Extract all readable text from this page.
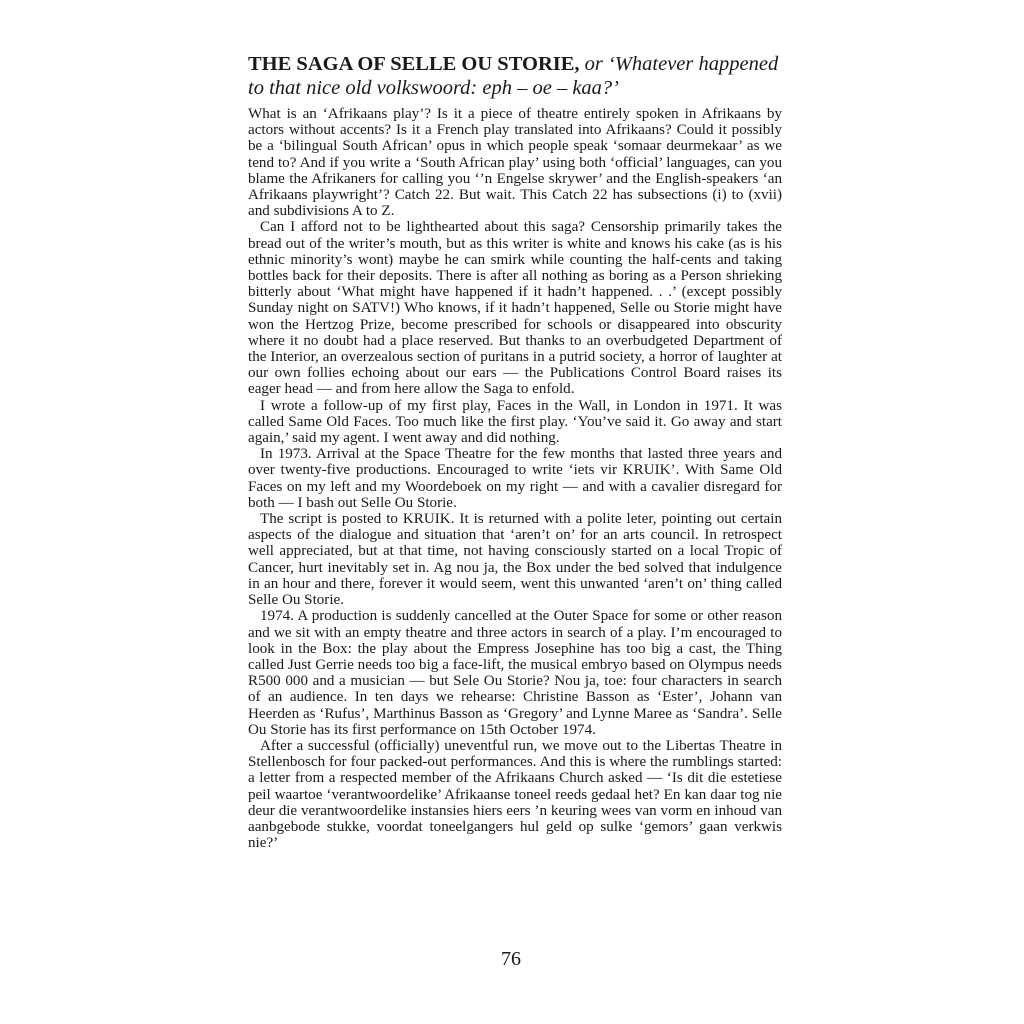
THE SAGA OF SELLE OU STORIE, or ‘Whatever happened to that nice old volkswoord: eph – oe – kaa?’

What is an ‘Afrikaans play’? Is it a piece of theatre entirely spoken in Afrikaans by actors without accents? Is it a French play translated into Afrikaans? Could it possibly be a ‘bilingual South African’ opus in which people speak ‘somaar deurmekaar’ as we tend to? And if you write a ‘South African play’ using both ‘official’ languages, can you blame the Afrikaners for calling you ‘’n Engelse skrywer’ and the English-speakers ‘an Afrikaans playwright’? Catch 22. But wait. This Catch 22 has subsections (i) to (xvii) and subdivisions A to Z.

Can I afford not to be lighthearted about this saga? Censorship primarily takes the bread out of the writer’s mouth, but as this writer is white and knows his cake (as is his ethnic minority’s wont) maybe he can smirk while counting the half-cents and taking bottles back for their deposits. There is after all nothing as boring as a Person shrieking bitterly about ‘What might have happened if it hadn’t happened. . .’ (except possibly Sunday night on SATV!) Who knows, if it hadn’t happened, Selle ou Storie might have won the Hertzog Prize, become prescribed for schools or disappeared into obscurity where it no doubt had a place reserved. But thanks to an overbudgeted Department of the Interior, an overzealous section of puritans in a putrid society, a horror of laughter at our own follies echoing about our ears — the Publications Control Board raises its eager head — and from here allow the Saga to enfold.

I wrote a follow-up of my first play, Faces in the Wall, in London in 1971. It was called Same Old Faces. Too much like the first play. ‘You’ve said it. Go away and start again,’ said my agent. I went away and did nothing.

In 1973. Arrival at the Space Theatre for the few months that lasted three years and over twenty-five productions. Encouraged to write ‘iets vir KRUIK’. With Same Old Faces on my left and my Woordeboek on my right — and with a cavalier disregard for both — I bash out Selle Ou Storie.

The script is posted to KRUIK. It is returned with a polite leter, pointing out certain aspects of the dialogue and situation that ‘aren’t on’ for an arts council. In retrospect well appreciated, but at that time, not having consciously started on a local Tropic of Cancer, hurt inevitably set in. Ag nou ja, the Box under the bed solved that indulgence in an hour and there, forever it would seem, went this unwanted ‘aren’t on’ thing called Selle Ou Storie.

1974. A production is suddenly cancelled at the Outer Space for some or other reason and we sit with an empty theatre and three actors in search of a play. I’m encouraged to look in the Box: the play about the Empress Josephine has too big a cast, the Thing called Just Gerrie needs too big a face-lift, the musical embryo based on Olympus needs R500 000 and a musician — but Sele Ou Storie? Nou ja, toe: four characters in search of an audience. In ten days we rehearse: Christine Basson as ‘Ester’, Johann van Heerden as ‘Rufus’, Marthinus Basson as ‘Gregory’ and Lynne Maree as ‘Sandra’. Selle Ou Storie has its first performance on 15th October 1974.

After a successful (officially) uneventful run, we move out to the Libertas Theatre in Stellenbosch for four packed-out performances. And this is where the rumblings started: a letter from a respected member of the Afrikaans Church asked — ‘Is dit die estetiese peil waartoe ‘verantwoordelike’ Afrikaanse toneel reeds gedaal het? En kan daar tog nie deur die verantwoordelike instansies hiers eers ’n keuring wees van vorm en inhoud van aanbgebode stukke, voordat toneelgangers hul geld op sulke ‘gemors’ gaan verkwis nie?’

76
